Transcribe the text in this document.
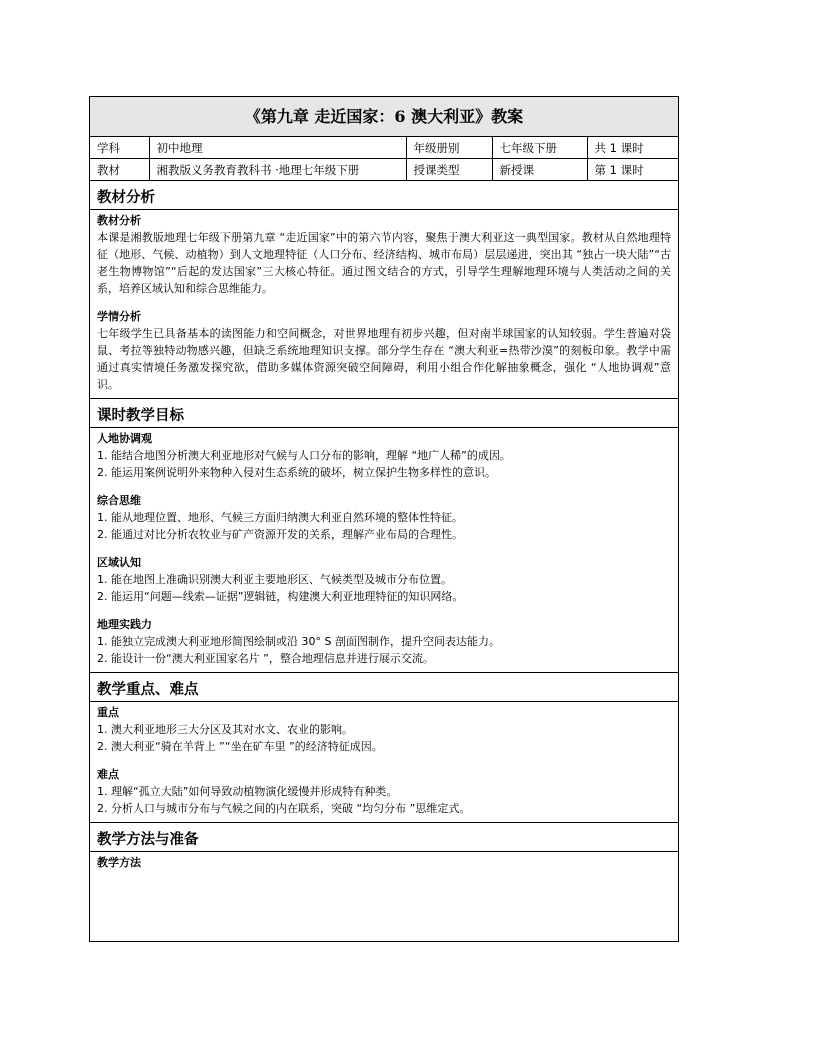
《第九章 走近国家：6 澳大利亚》教案
学科	初中地理	年级册别	七年级下册	共 1 课时
教材	湘教版义务教育教科书 ·地理七年级下册	授课类型	新授课	第 1 课时
教材分析
教材分析
本课是湘教版地理七年级下册第九章 “走近国家”中的第六节内容，聚焦于澳大利亚这一典型国家。教材从自然地理特征（地形、气候、动植物）到人文地理特征（人口分布、经济结构、城市布局）层层递进，突出其 “独占一块大陆”“古老生物博物馆”“后起的发达国家”三大核心特征。通过图文结合的方式，引导学生理解地理环境与人类活动之间的关系，培养区域认知和综合思维能力。
学情分析
七年级学生已具备基本的读图能力和空间概念，对世界地理有初步兴趣，但对南半球国家的认知较弱。学生普遍对袋鼠、考拉等独特动物感兴趣，但缺乏系统地理知识支撑。部分学生存在 “澳大利亚=热带沙漠”的刻板印象。教学中需通过真实情境任务激发探究欲，借助多媒体资源突破空间障碍，利用小组合作化解抽象概念，强化 “人地协调观”意识。
课时教学目标
人地协调观
1. 能结合地图分析澳大利亚地形对气候与人口分布的影响，理解 “地广人稀”的成因。
2. 能运用案例说明外来物种入侵对生态系统的破坏，树立保护生物多样性的意识。
综合思维
1. 能从地理位置、地形、气候三方面归纳澳大利亚自然环境的整体性特征。
2. 能通过对比分析农牧业与矿产资源开发的关系，理解产业布局的合理性。
区域认知
1. 能在地图上准确识别澳大利亚主要地形区、气候类型及城市分布位置。
2. 能运用“问题—线索—证据”逻辑链，构建澳大利亚地理特征的知识网络。
地理实践力
1. 能独立完成澳大利亚地形简图绘制或沿 30° S 剖面图制作，提升空间表达能力。
2. 能设计一份“澳大利亚国家名片 ”，整合地理信息并进行展示交流。
教学重点、难点
重点
1. 澳大利亚地形三大分区及其对水文、农业的影响。
2. 澳大利亚“骑在羊背上 ”“坐在矿车里 ”的经济特征成因。
难点
1. 理解“孤立大陆”如何导致动植物演化缓慢并形成特有种类。
2. 分析人口与城市分布与气候之间的内在联系，突破 “均匀分布 ”思维定式。
教学方法与准备
教学方法
